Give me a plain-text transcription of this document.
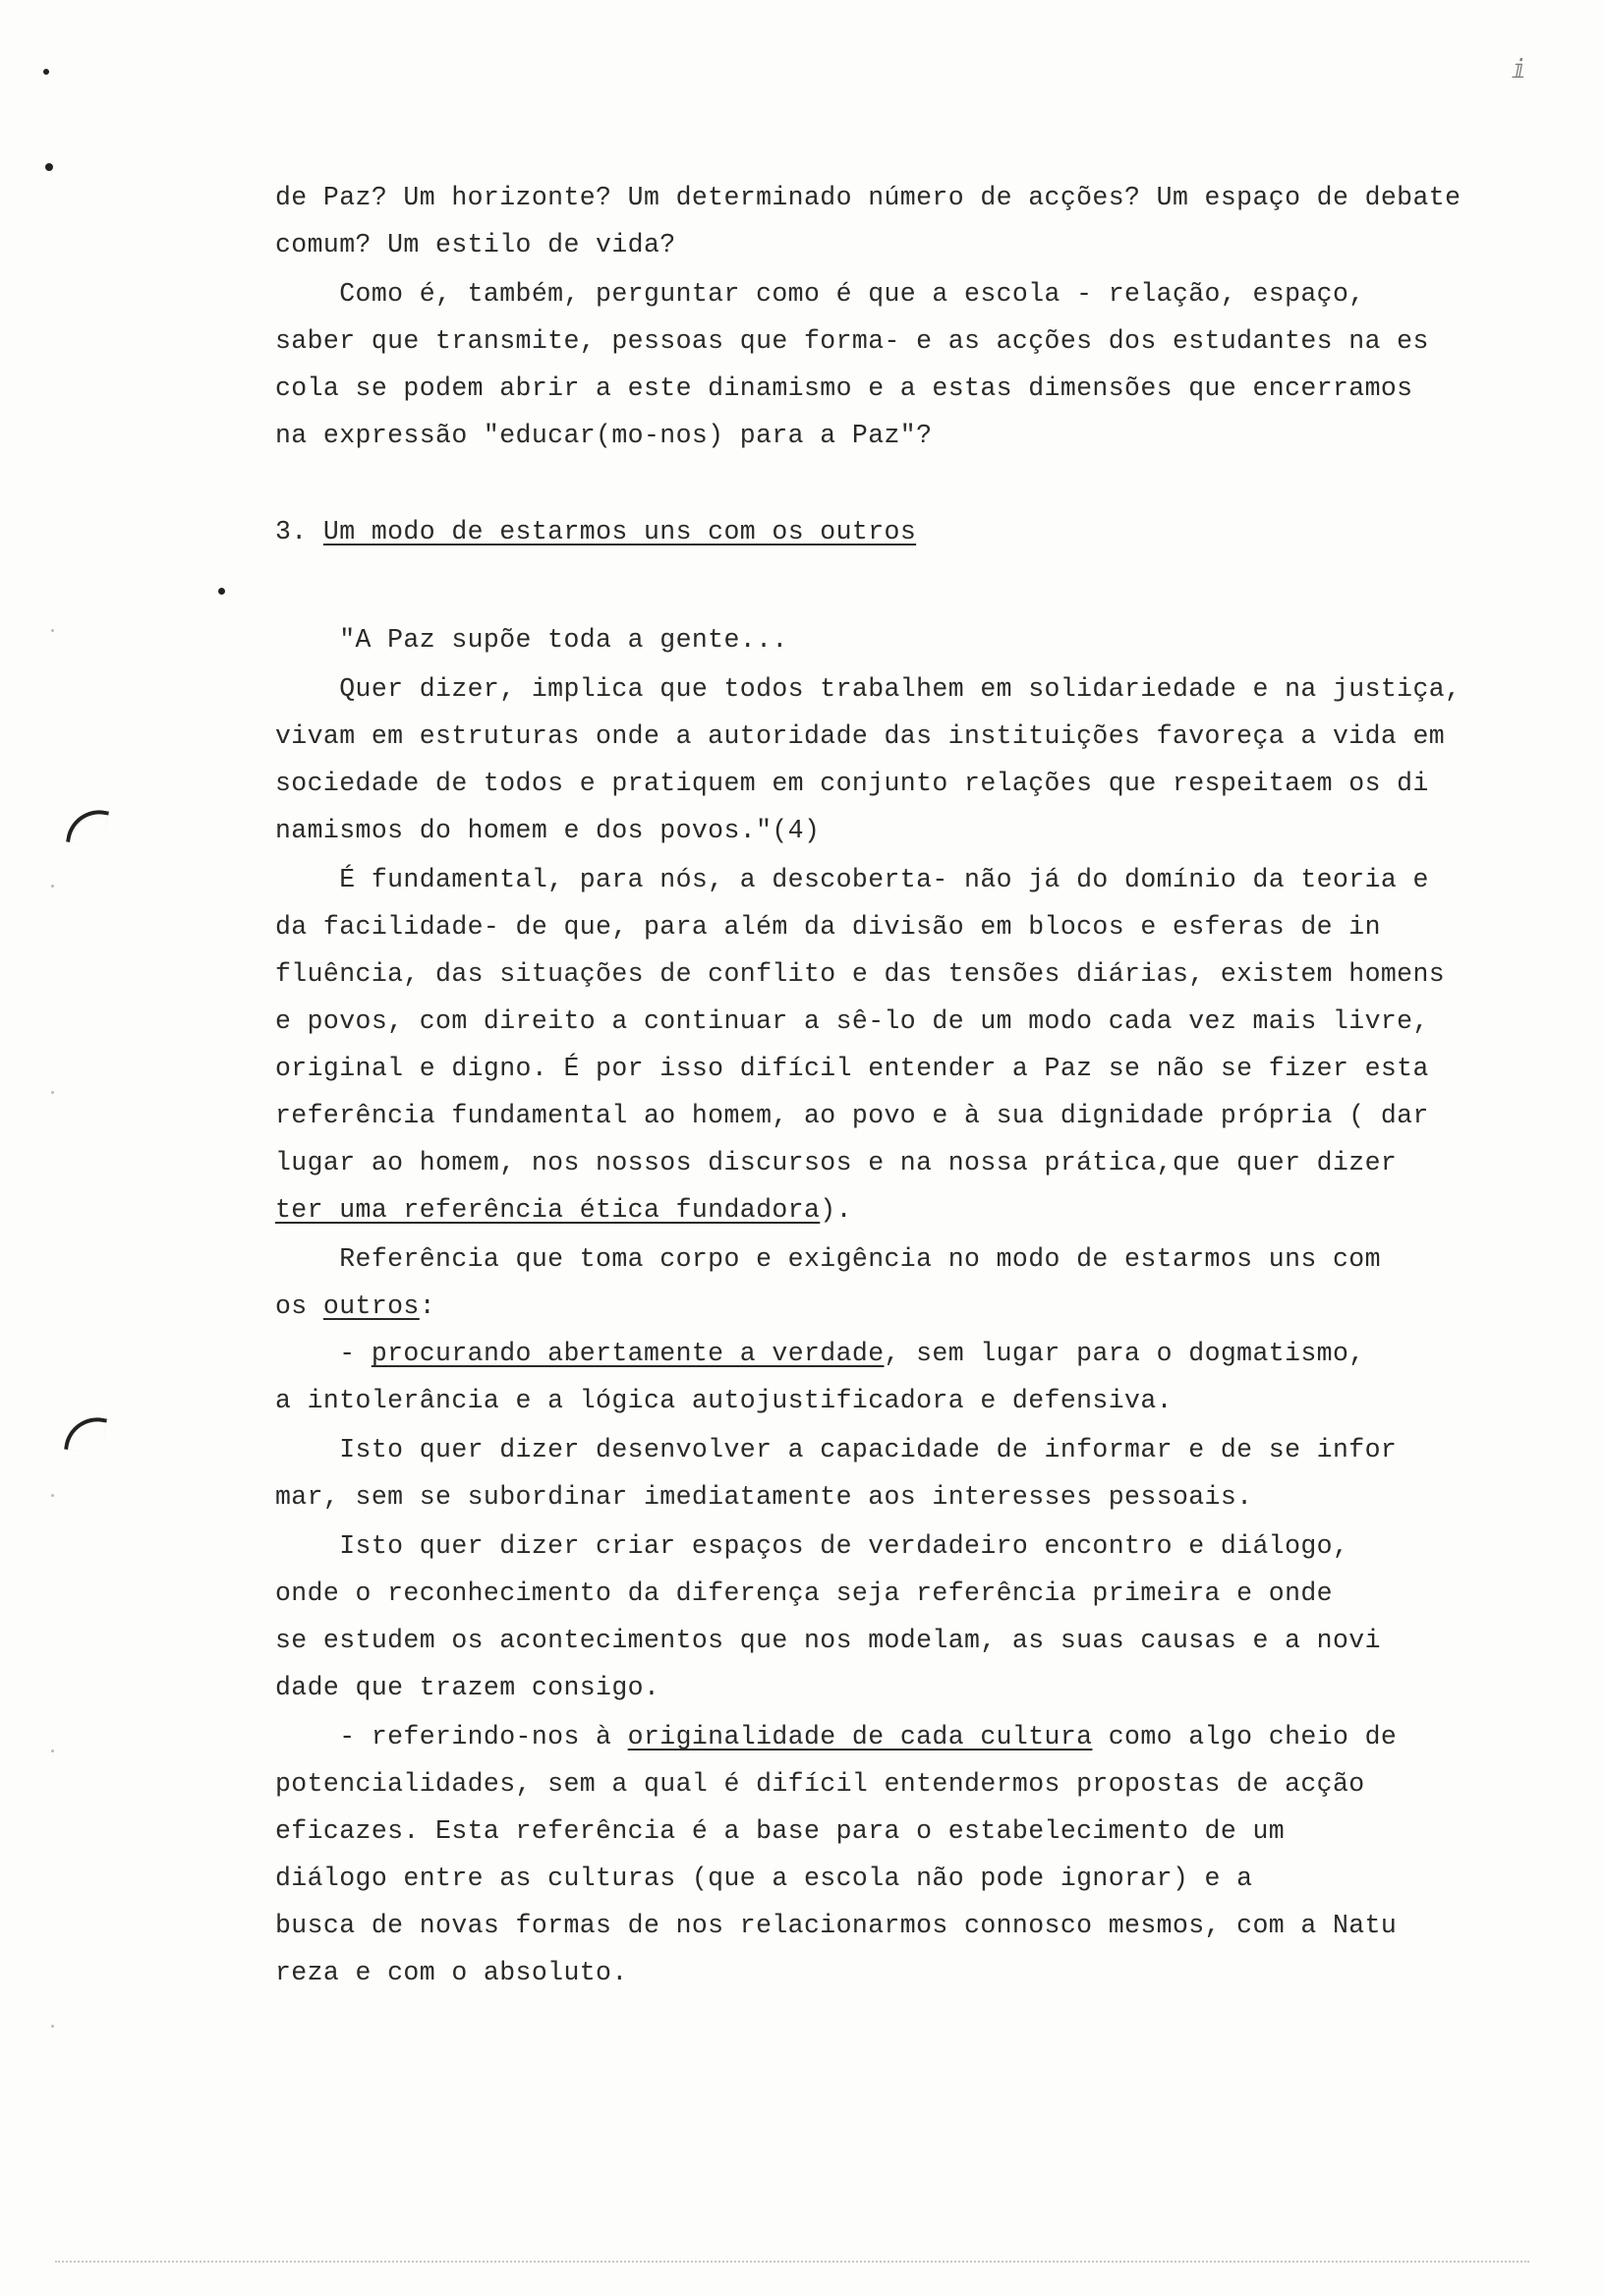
ⅈ
de Paz? Um horizonte? Um determinado número de acções? Um espaço de debate
comum? Um estilo de vida?
Como é, também, perguntar como é que a escola - relação, espaço,
saber que transmite, pessoas que forma- e as acções dos estudantes na es
cola se podem abrir a este dinamismo e a estas dimensões que encerramos
na expressão "educar(mo-nos) para a Paz"?
3. Um modo de estarmos uns com os outros
"A Paz supõe toda a gente...
Quer dizer, implica que todos trabalhem em solidariedade e na justiça,
vivam em estruturas onde a autoridade das instituições favoreça a vida em
sociedade de todos e pratiquem em conjunto relações que respeitaem os di
namismos do homem e dos povos."(4)
É fundamental, para nós, a descoberta- não já do domínio da teoria e
da facilidade- de que, para além da divisão em blocos e esferas de in
fluência, das situações de conflito e das tensões diárias, existem homens
e povos, com direito a continuar a sê-lo de um modo cada vez mais livre,
original e digno. É por isso difícil entender a Paz se não se fizer esta
referência fundamental ao homem, ao povo e à sua dignidade própria ( dar
lugar ao homem, nos nossos discursos e na nossa prática,que quer dizer
ter uma referência ética fundadora).
Referência que toma corpo e exigência no modo de estarmos uns com
os outros:
- procurando abertamente a verdade, sem lugar para o dogmatismo,
a intolerância e a lógica autojustificadora e defensiva.
Isto quer dizer desenvolver a capacidade de informar e de se infor
mar, sem se subordinar imediatamente aos interesses pessoais.
Isto quer dizer criar espaços de verdadeiro encontro e diálogo,
onde o reconhecimento da diferença seja referência primeira e onde
se estudem os acontecimentos que nos modelam, as suas causas e a novi
dade que trazem consigo.
- referindo-nos à originalidade de cada cultura como algo cheio de
potencialidades, sem a qual é difícil entendermos propostas de acção
eficazes. Esta referência é a base para o estabelecimento de um
diálogo entre as culturas (que a escola não pode ignorar) e a
busca de novas formas de nos relacionarmos connosco mesmos, com a Natu
reza e com o absoluto.
